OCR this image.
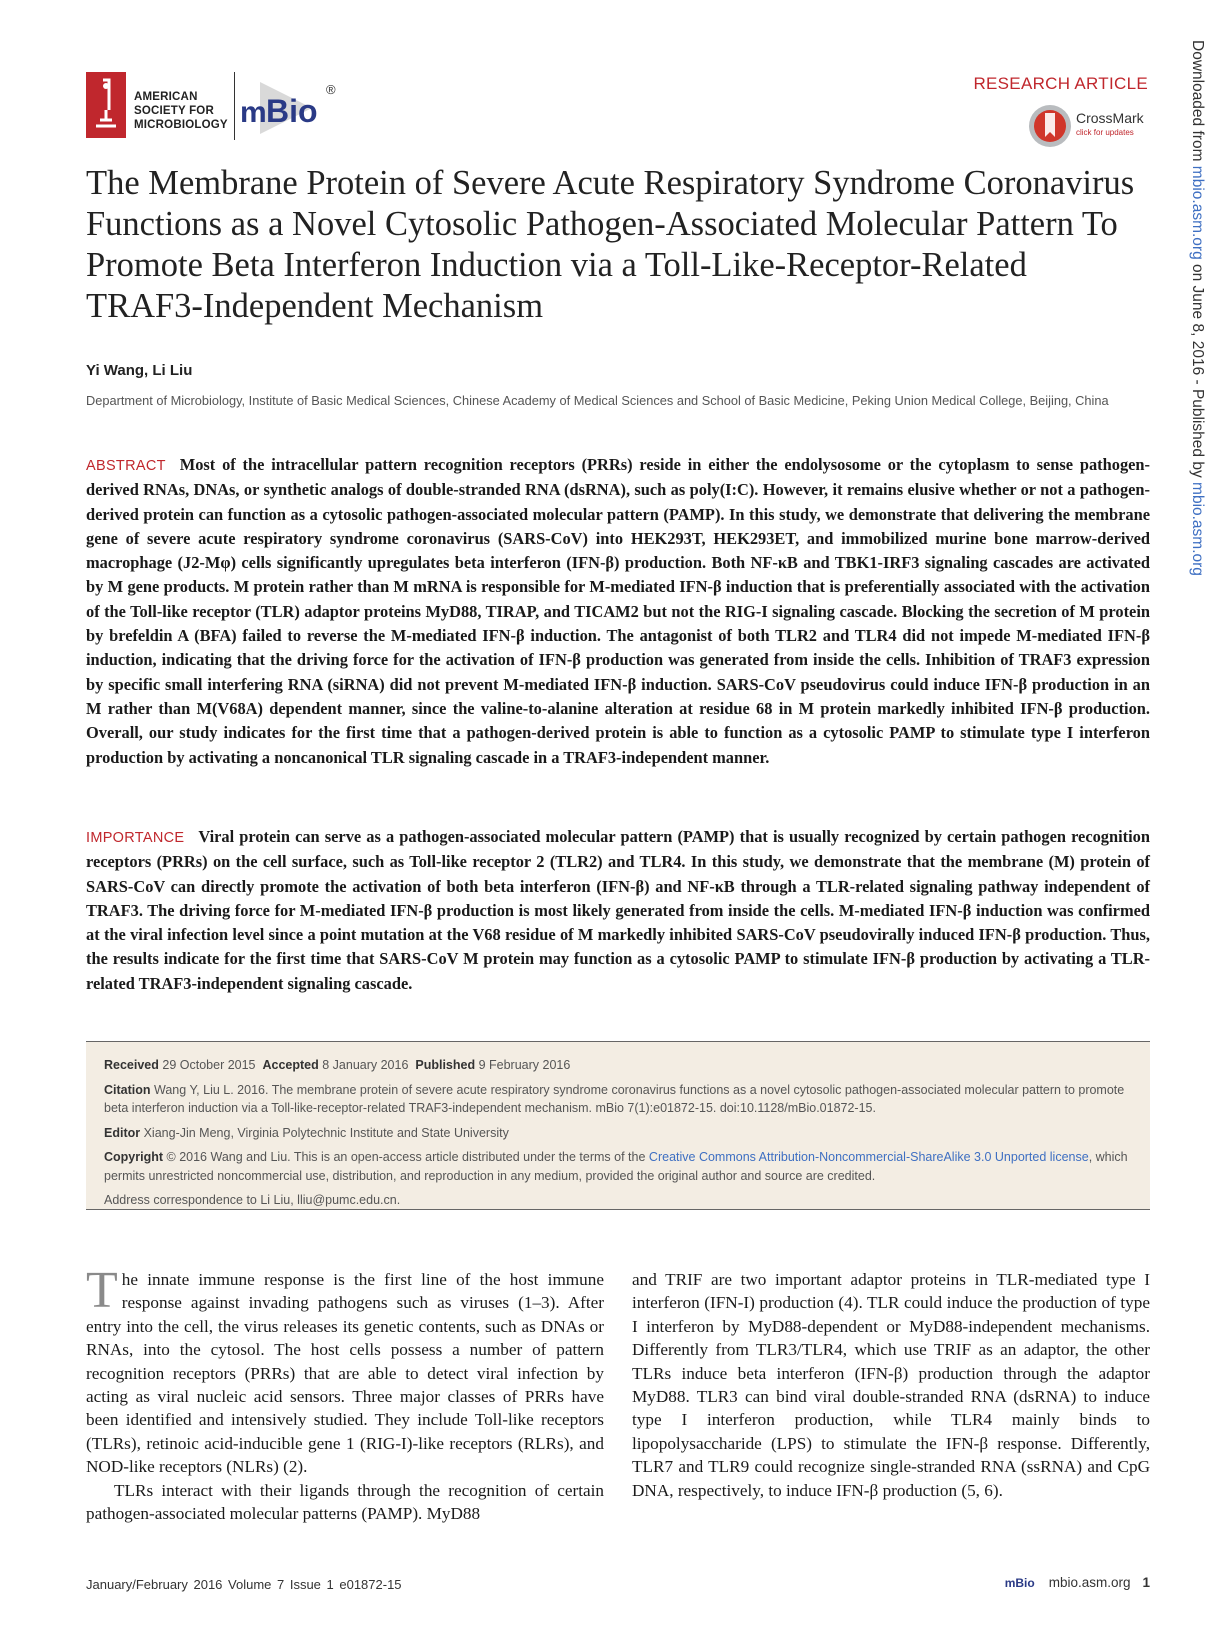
AMERICAN SOCIETY FOR MICROBIOLOGY m Bio
®	RESEARCH ARTICLE
CrossMark
click for updates	Downloaded from mbio.asm.org on June 8, 2016 - Published by mbio.asm.org
The Membrane Protein of Severe Acute Respiratory Syndrome Coronavirus Functions as a Novel Cytosolic Pathogen-Associated Molecular Pattern To Promote Beta Interferon Induction via a Toll-Like-Receptor-Related TRAF3-Independent Mechanism
Yi Wang, Li Liu
Department of Microbiology, Institute of Basic Medical Sciences, Chinese Academy of Medical Sciences and School of Basic Medicine, Peking Union Medical College, Beijing, China

ABSTRACT Most of the intracellular pattern recognition receptors (PRRs) reside in either the endolysosome or the cytoplasm to sense pathogen-derived RNAs, DNAs, or synthetic analogs of double-stranded RNA (dsRNA), such as poly(I:C). However, it remains elusive whether or not a pathogen-derived protein can function as a cytosolic pathogen-associated molecular pattern (PAMP). In this study, we demonstrate that delivering the membrane gene of severe acute respiratory syndrome coronavirus (SARS-CoV) into HEK293T, HEK293ET, and immobilized murine bone marrow-derived macrophage (J2-Mφ) cells significantly upregulates beta interferon (IFN-β) production. Both NF-κB and TBK1-IRF3 signaling cascades are activated by M gene products. M protein rather than M mRNA is responsible for M-mediated IFN-β induction that is preferentially associated with the activation of the Toll-like receptor (TLR) adaptor proteins MyD88, TIRAP, and TICAM2 but not the RIG-I signaling cascade. Blocking the secretion of M protein by brefeldin A (BFA) failed to reverse the M-mediated IFN-β induction. The antagonist of both TLR2 and TLR4 did not impede M-mediated IFN-β induction, indicating that the driving force for the activation of IFN-β production was generated from inside the cells. Inhibition of TRAF3 expression by specific small interfering RNA (siRNA) did not prevent M-mediated IFN-β induction. SARS-CoV pseudovirus could induce IFN-β production in an M rather than M(V68A) dependent manner, since the valine-to-alanine alteration at residue 68 in M protein markedly inhibited IFN-β production. Overall, our study indicates for the first time that a pathogen-derived protein is able to function as a cytosolic PAMP to stimulate type I interferon production by activating a noncanonical TLR signaling cascade in a TRAF3-independent manner.

IMPORTANCE Viral protein can serve as a pathogen-associated molecular pattern (PAMP) that is usually recognized by certain pathogen recognition receptors (PRRs) on the cell surface, such as Toll-like receptor 2 (TLR2) and TLR4. In this study, we demonstrate that the membrane (M) protein of SARS-CoV can directly promote the activation of both beta interferon (IFN-β) and NF-κB through a TLR-related signaling pathway independent of TRAF3. The driving force for M-mediated IFN-β production is most likely generated from inside the cells. M-mediated IFN-β induction was confirmed at the viral infection level since a point mutation at the V68 residue of M markedly inhibited SARS-CoV pseudovirally induced IFN-β production. Thus, the results indicate for the first time that SARS-CoV M protein may function as a cytosolic PAMP to stimulate IFN-β production by activating a TLR-related TRAF3-independent signaling cascade.

Received 29 October 2015 Accepted 8 January 2016 Published 9 February 2016
Citation Wang Y, Liu L. 2016. The membrane protein of severe acute respiratory syndrome coronavirus functions as a novel cytosolic pathogen-associated molecular pattern to promote beta interferon induction via a Toll-like-receptor-related TRAF3-independent mechanism. mBio 7(1):e01872-15. doi:10.1128/mBio.01872-15.
Editor Xiang-Jin Meng, Virginia Polytechnic Institute and State University
Copyright © 2016 Wang and Liu. This is an open-access article distributed under the terms of the Creative Commons Attribution-Noncommercial-ShareAlike 3.0 Unported license, which permits unrestricted noncommercial use, distribution, and reproduction in any medium, provided the original author and source are credited.
Address correspondence to Li Liu, lliu@pumc.edu.cn.

The innate immune response is the first line of the host immune response against invading pathogens such as viruses (1–3). After entry into the cell, the virus releases its genetic contents, such as DNAs or RNAs, into the cytosol. The host cells possess a number of pattern recognition receptors (PRRs) that are able to detect viral infection by acting as viral nucleic acid sensors. Three major classes of PRRs have been identified and intensively studied. They include Toll-like receptors (TLRs), retinoic acid-inducible gene 1 (RIG-I)-like receptors (RLRs), and NOD-like receptors (NLRs) (2).

TLRs interact with their ligands through the recognition of certain pathogen-associated molecular patterns (PAMP). MyD88

and TRIF are two important adaptor proteins in TLR-mediated type I interferon (IFN-I) production (4). TLR could induce the production of type I interferon by MyD88-dependent or MyD88-independent mechanisms. Differently from TLR3/TLR4, which use TRIF as an adaptor, the other TLRs induce beta interferon (IFN-β) production through the adaptor MyD88. TLR3 can bind viral double-stranded RNA (dsRNA) to induce type I interferon production, while TLR4 mainly binds to lipopolysaccharide (LPS) to stimulate the IFN-β response. Differently, TLR7 and TLR9 could recognize single-stranded RNA (ssRNA) and CpG DNA, respectively, to induce IFN-β production (5, 6).

January/February 2016 Volume 7 Issue 1 e01872-15	mBio mbio.asm.org 1
